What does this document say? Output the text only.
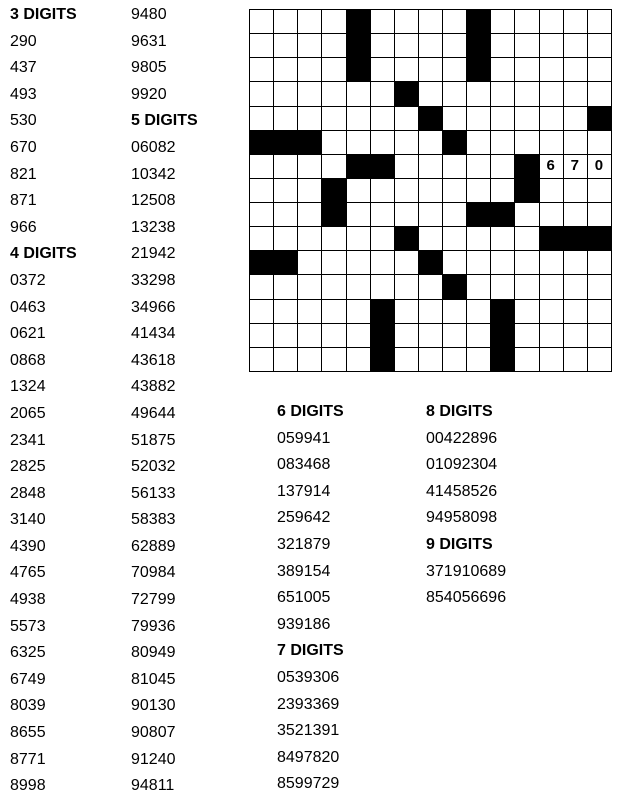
3 DIGITS
290
437
493
530
670
821
871
966
4 DIGITS
0372
0463
0621
0868
1324
2065
2341
2825
2848
3140
4390
4765
4938
5573
6325
6749
8039
8655
8771
8998
9480
9631
9805
9920
5 DIGITS
06082
10342
12508
13238
21942
33298
34966
41434
43618
43882
49644
51875
52032
56133
58383
62889
70984
72799
79936
80949
81045
90130
90807
91240
94811
6 DIGITS
059941
083468
137914
259642
321879
389154
651005
939186
7 DIGITS
0539306
2393369
3521391
8497820
8599729
8 DIGITS
00422896
01092304
41458526
94958098
9 DIGITS
371910689
854056696
6	7	0
